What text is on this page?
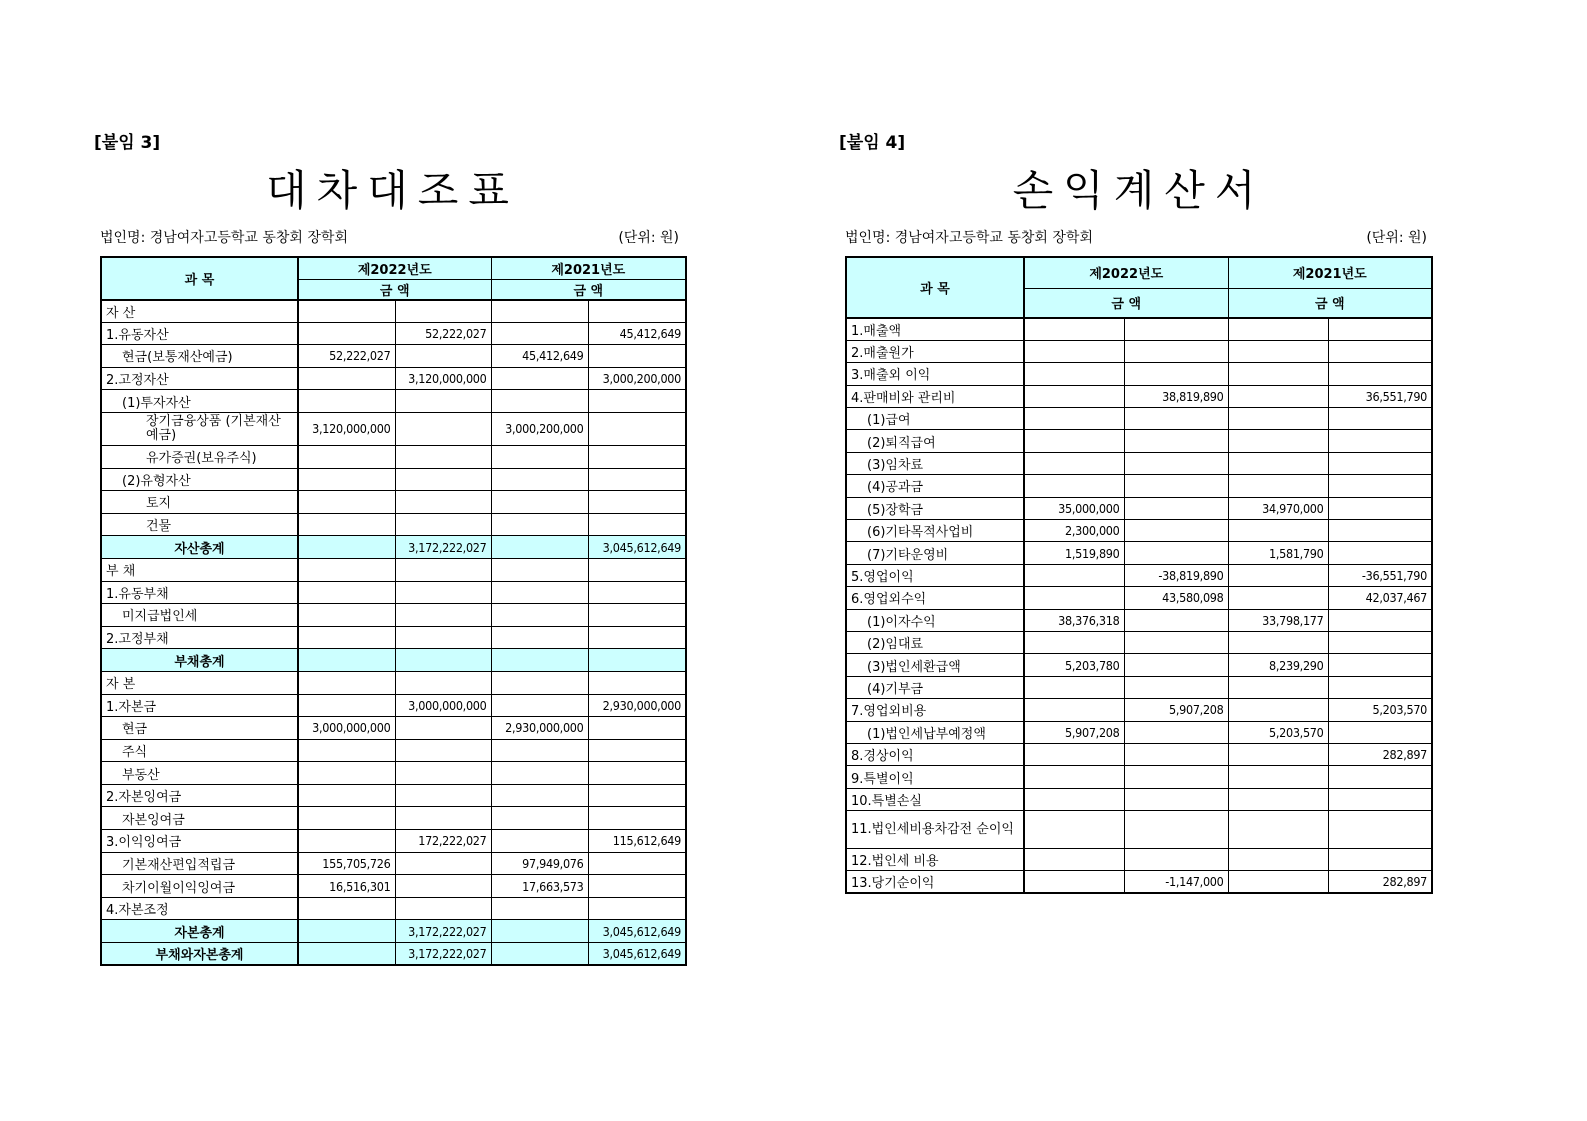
[붙임 3]
대차대조표
법인명: 경남여자고등학교 동창회 장학회	(단위: 원)
과 목	제2022년도		제2021년도	
	금 액		금 액	
자 산				
1.유동자산		52,222,027		45,412,649
현금(보통재산예금)	52,222,027		45,412,649	
2.고정자산		3,120,000,000		3,000,200,000
(1)투자자산				
장기금융상품 (기본재산예금)	3,120,000,000		3,000,200,000	
유가증권(보유주식)				
(2)유형자산				
토지				
건물				
자산총계		3,172,222,027		3,045,612,649
부 채				
1.유동부채				
미지급법인세				
2.고정부채				
부채총계				
자 본				
1.자본금		3,000,000,000		2,930,000,000
현금	3,000,000,000		2,930,000,000	
주식				
부동산				
2.자본잉여금				
자본잉여금				
3.이익잉여금		172,222,027		115,612,649
기본재산편입적립금	155,705,726		97,949,076	
차기이월이익잉여금	16,516,301		17,663,573	
4.자본조정				
자본총계		3,172,222,027		3,045,612,649
부채와자본총계		3,172,222,027		3,045,612,649
[붙임 4]
손익계산서
법인명: 경남여자고등학교 동창회 장학회	(단위: 원)
과 목	제2022년도		제2021년도	
	금 액		금 액	
1.매출액				
2.매출원가				
3.매출외 이익				
4.판매비와 관리비		38,819,890		36,551,790
(1)급여				
(2)퇴직급여				
(3)임차료				
(4)공과금				
(5)장학금	35,000,000		34,970,000	
(6)기타목적사업비	2,300,000			
(7)기타운영비	1,519,890		1,581,790	
5.영업이익		-38,819,890		-36,551,790
6.영업외수익		43,580,098		42,037,467
(1)이자수익	38,376,318		33,798,177	
(2)임대료				
(3)법인세환급액	5,203,780		8,239,290	
(4)기부금				
7.영업외비용		5,907,208		5,203,570
(1)법인세납부예정액	5,907,208		5,203,570	
8.경상이익				282,897
9.특별이익				
10.특별손실				
11.법인세비용차감전 순이익				
12.법인세 비용				
13.당기순이익		-1,147,000		282,897
